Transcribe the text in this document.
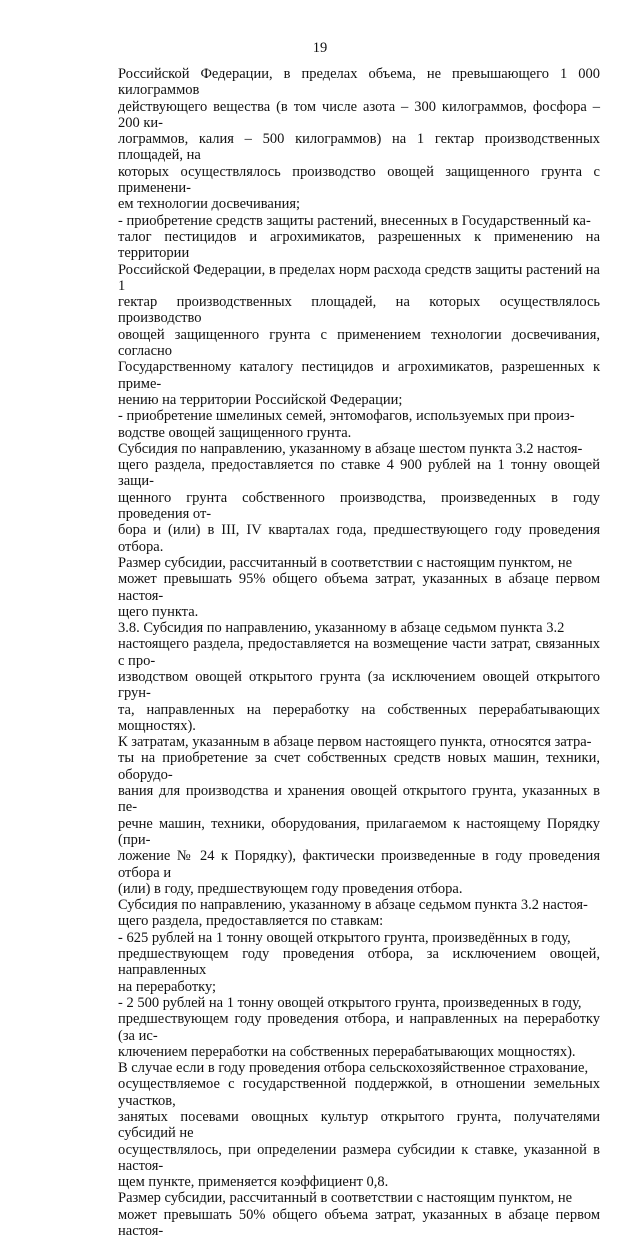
19

Российской Федерации, в пределах объема, не превышающего 1 000 килограммов
действующего вещества (в том числе азота – 300 килограммов, фосфора – 200 ки-
лограммов, калия – 500 килограммов) на 1 гектар производственных площадей, на
которых осуществлялось производство овощей защищенного грунта с применени-
ем технологии досвечивания;

- приобретение средств защиты растений, внесенных в Государственный ка-
талог пестицидов и агрохимикатов, разрешенных к применению на территории
Российской Федерации, в пределах норм расхода средств защиты растений на 1
гектар производственных площадей, на которых осуществлялось производство
овощей защищенного грунта с применением технологии досвечивания, согласно
Государственному каталогу пестицидов и агрохимикатов, разрешенных к приме-
нению на территории Российской Федерации;

- приобретение шмелиных семей, энтомофагов, используемых при произ-
водстве овощей защищенного грунта.

Субсидия по направлению, указанному в абзаце шестом пункта 3.2 настоя-
щего раздела, предоставляется по ставке 4 900 рублей на 1 тонну овощей защи-
щенного грунта собственного производства, произведенных в году проведения от-
бора и (или) в III, IV кварталах года, предшествующего году проведения отбора.

Размер субсидии, рассчитанный в соответствии с настоящим пунктом, не
может превышать 95% общего объема затрат, указанных в абзаце первом настоя-
щего пункта.

3.8. Субсидия по направлению, указанному в абзаце седьмом пункта 3.2
настоящего раздела, предоставляется на возмещение части затрат, связанных с про-
изводством овощей открытого грунта (за исключением овощей открытого грун-
та, направленных на переработку на собственных перерабатывающих мощностях).

К затратам, указанным в абзаце первом настоящего пункта, относятся затра-
ты на приобретение за счет собственных средств новых машин, техники, оборудо-
вания для производства и хранения овощей открытого грунта, указанных в пе-
речне машин, техники, оборудования, прилагаемом к настоящему Порядку (при-
ложение № 24 к Порядку), фактически произведенные в году проведения отбора и
(или) в году, предшествующем году проведения отбора.

Субсидия по направлению, указанному в абзаце седьмом пункта 3.2 настоя-
щего раздела, предоставляется по ставкам:

- 625 рублей на 1 тонну овощей открытого грунта, произведённых в году,
предшествующем году проведения отбора, за исключением овощей, направленных
на переработку;

- 2 500 рублей на 1 тонну овощей открытого грунта, произведенных в году,
предшествующем году проведения отбора, и направленных на переработку (за ис-
ключением переработки на собственных перерабатывающих мощностях).

В случае если в году проведения отбора сельскохозяйственное страхование,
осуществляемое с государственной поддержкой, в отношении земельных участков,
занятых посевами овощных культур открытого грунта, получателями субсидий не
осуществлялось, при определении размера субсидии к ставке, указанной в настоя-
щем пункте, применяется коэффициент 0,8.

Размер субсидии, рассчитанный в соответствии с настоящим пунктом, не
может превышать 50% общего объема затрат, указанных в абзаце первом настоя-
